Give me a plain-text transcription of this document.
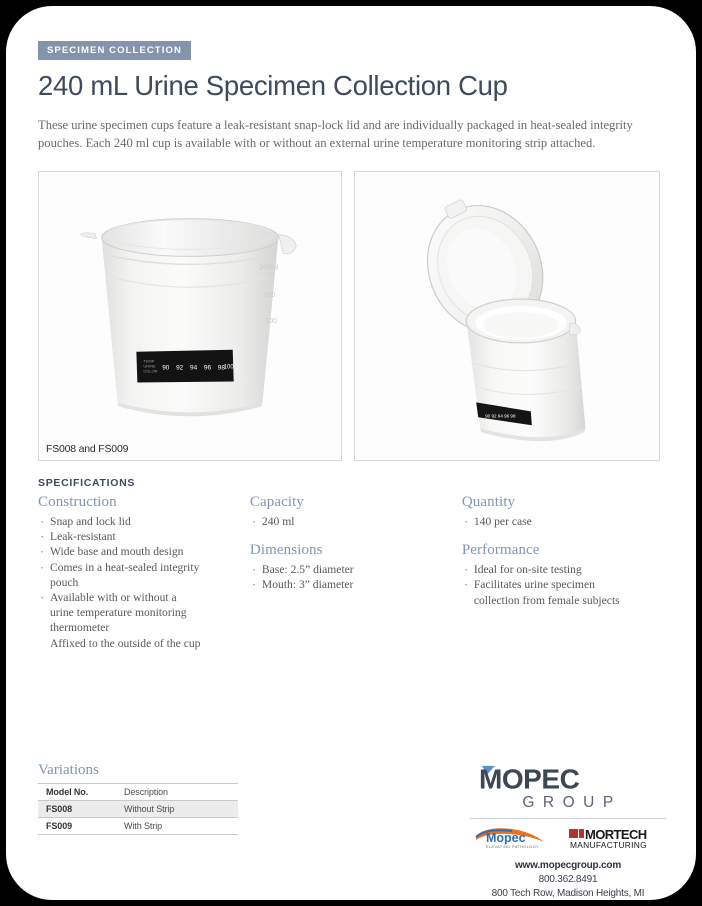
SPECIMEN COLLECTION
240 mL Urine Specimen Collection Cup

These urine specimen cups feature a leak-resistant snap-lock lid and are individually packaged in heat-sealed integrity pouches. Each 240 ml cup is available with or without an external urine temperature monitoring strip attached.

200ml
150
100
TEMP
URINE
COLOR 90 92 94 96 98
100
FS008 and FS009
90 92 94 96 98
SPECIFICATIONS
Construction
· Snap and lock lid
· Leak-resistant
· Wide base and mouth design
· Comes in a heat-sealed integrity
pouch
· Available with or without a
urine temperature monitoring
thermometer
Affixed to the outside of the cup
Capacity
· 240 ml
Dimensions
· Base: 2.5” diameter
· Mouth: 3” diameter
Quantity
· 140 per case
Performance
· Ideal for on-site testing
· Facilitates urine specimen
collection from female subjects
Variations
Model No.	Description
FS008	Without Strip
FS009	With Strip
MOPEC
GROUP
Mopec
ELEVATING PATHOLOGY
MORTECH
MANUFACTURING
www.mopecgroup.com
800.362.8491
800 Tech Row, Madison Heights, MI
